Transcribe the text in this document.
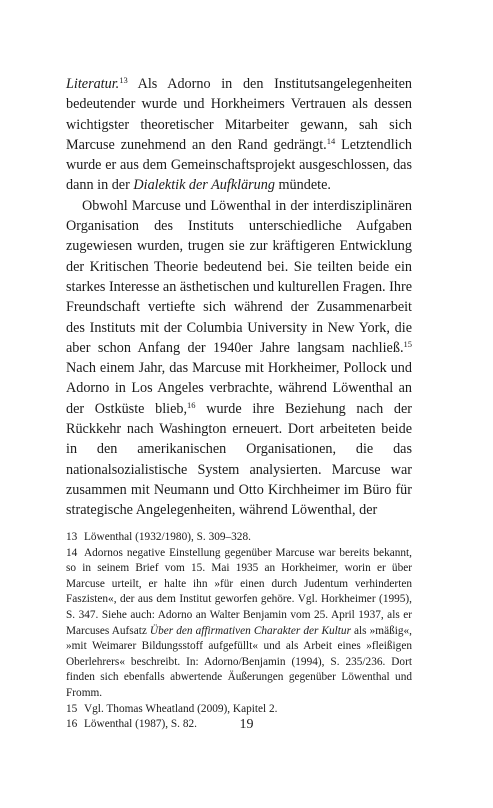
Literatur.$^{13}$ Als Adorno in den Institutsangelegenheiten bedeutender wurde und Horkheimers Vertrauen als dessen wichtigster theoretischer Mitarbeiter gewann, sah sich Marcuse zunehmend an den Rand gedrängt.$^{14}$ Letztendlich wurde er aus dem Gemeinschaftsprojekt ausgeschlossen, das dann in der Dialektik der Aufklärung mündete.

Obwohl Marcuse und Löwenthal in der interdisziplinären Organisation des Instituts unterschiedliche Aufgaben zugewiesen wurden, trugen sie zur kräftigeren Entwicklung der Kritischen Theorie bedeutend bei. Sie teilten beide ein starkes Interesse an ästhetischen und kulturellen Fragen. Ihre Freundschaft vertiefte sich während der Zusammenarbeit des Instituts mit der Columbia University in New York, die aber schon Anfang der 1940er Jahre langsam nachließ.$^{15}$ Nach einem Jahr, das Marcuse mit Horkheimer, Pollock und Adorno in Los Angeles verbrachte, während Löwenthal an der Ostküste blieb,$^{16}$ wurde ihre Beziehung nach der Rückkehr nach Washington erneuert. Dort arbeiteten beide in den amerikanischen Organisationen, die das nationalsozialistische System analysierten. Marcuse war zusammen mit Neumann und Otto Kirchheimer im Büro für strategische Angelegenheiten, während Löwenthal, der

13 Löwenthal (1932/1980), S. 309–328.

14 Adornos negative Einstellung gegenüber Marcuse war bereits bekannt, so in seinem Brief vom 15. Mai 1935 an Horkheimer, worin er über Marcuse urteilt, er halte ihn »für einen durch Judentum verhinderten Faszisten«, der aus dem Institut geworfen gehöre. Vgl. Horkheimer (1995), S. 347. Siehe auch: Adorno an Walter Benjamin vom 25. April 1937, als er Marcuses Aufsatz Über den affirmativen Charakter der Kultur als »mäßig«, »mit Weimarer Bildungsstoff aufgefüllt« und als Arbeit eines »fleißigen Oberlehrers« beschreibt. In: Adorno/Benjamin (1994), S. 235/236. Dort finden sich ebenfalls abwertende Äußerungen gegenüber Löwenthal und Fromm.

15 Vgl. Thomas Wheatland (2009), Kapitel 2.

16 Löwenthal (1987), S. 82.	19
